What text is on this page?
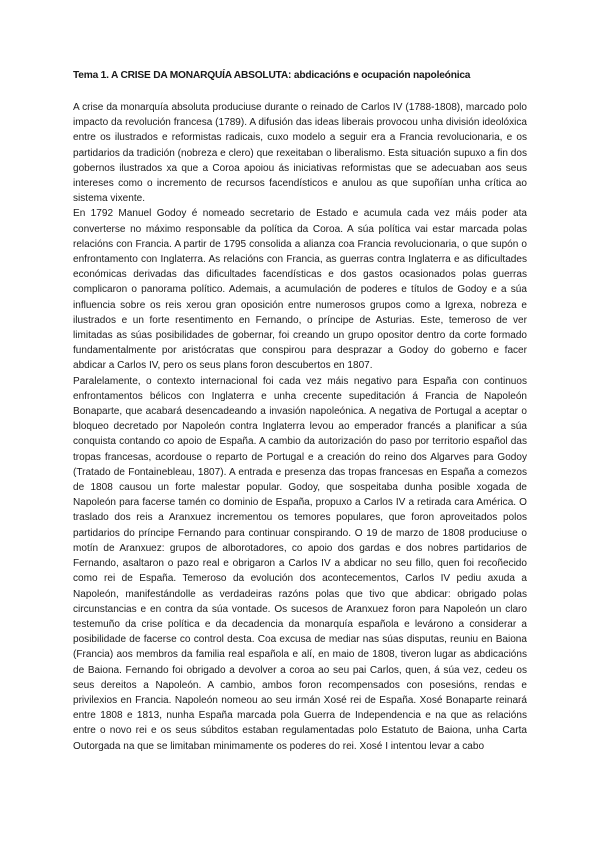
Tema 1. A CRISE DA MONARQUÍA ABSOLUTA: abdicacións e ocupación napoleónica

A crise da monarquía absoluta produciuse durante o reinado de Carlos IV (1788-1808), marcado polo impacto da revolución francesa (1789). A difusión das ideas liberais provocou unha división ideolóxica entre os ilustrados e reformistas radicais, cuxo modelo a seguir era a Francia revolucionaria, e os partidarios da tradición (nobreza e clero) que rexeitaban o liberalismo. Esta situación supuxo a fin dos gobernos ilustrados xa que a Coroa apoiou ás iniciativas reformistas que se adecuaban aos seus intereses como o incremento de recursos facendísticos e anulou as que supoñían unha crítica ao sistema vixente.

En 1792 Manuel Godoy é nomeado secretario de Estado e acumula cada vez máis poder ata converterse no máximo responsable da política da Coroa. A súa política vai estar marcada polas relacións con Francia. A partir de 1795 consolida a alianza coa Francia revolucionaria, o que supón o enfrontamento con Inglaterra. As relacións con Francia, as guerras contra Inglaterra e as dificultades económicas derivadas das dificultades facendísticas e dos gastos ocasionados polas guerras complicaron o panorama político. Ademais, a acumulación de poderes e títulos de Godoy e a súa influencia sobre os reis xerou gran oposición entre numerosos grupos como a Igrexa, nobreza e ilustrados e un forte resentimento en Fernando, o príncipe de Asturias. Este, temeroso de ver limitadas as súas posibilidades de gobernar, foi creando un grupo opositor dentro da corte formado fundamentalmente por aristócratas que conspirou para desprazar a Godoy do goberno e facer abdicar a Carlos IV, pero os seus plans foron descubertos en 1807.

Paralelamente, o contexto internacional foi cada vez máis negativo para España con continuos enfrontamentos bélicos con Inglaterra e unha crecente supeditación á Francia de Napoleón Bonaparte, que acabará desencadeando a invasión napoleónica. A negativa de Portugal a aceptar o bloqueo decretado por Napoleón contra Inglaterra levou ao emperador francés a planificar a súa conquista contando co apoio de España. A cambio da autorización do paso por territorio español das tropas francesas, acordouse o reparto de Portugal e a creación do reino dos Algarves para Godoy (Tratado de Fontainebleau, 1807). A entrada e presenza das tropas francesas en España a comezos de 1808 causou un forte malestar popular. Godoy, que sospeitaba dunha posible xogada de Napoleón para facerse tamén co dominio de España, propuxo a Carlos IV a retirada cara América. O traslado dos reis a Aranxuez incrementou os temores populares, que foron aproveitados polos partidarios do príncipe Fernando para continuar conspirando. O 19 de marzo de 1808 produciuse o motín de Aranxuez: grupos de alborotadores, co apoio dos gardas e dos nobres partidarios de Fernando, asaltaron o pazo real e obrigaron a Carlos IV a abdicar no seu fillo, quen foi recoñecido como rei de España. Temeroso da evolución dos acontecementos, Carlos IV pediu axuda a Napoleón, manifestándolle as verdadeiras razóns polas que tivo que abdicar: obrigado polas circunstancias e en contra da súa vontade. Os sucesos de Aranxuez foron para Napoleón un claro testemuño da crise política e da decadencia da monarquía española e levárono a considerar a posibilidade de facerse co control desta. Coa excusa de mediar nas súas disputas, reuniu en Baiona (Francia) aos membros da familia real española e alí, en maio de 1808, tiveron lugar as abdicacións de Baiona. Fernando foi obrigado a devolver a coroa ao seu pai Carlos, quen, á súa vez, cedeu os seus dereitos a Napoleón. A cambio, ambos foron recompensados con posesións, rendas e privilexios en Francia. Napoleón nomeou ao seu irmán Xosé rei de España. Xosé Bonaparte reinará entre 1808 e 1813, nunha España marcada pola Guerra de Independencia e na que as relacións entre o novo rei e os seus súbditos estaban regulamentadas polo Estatuto de Baiona, unha Carta Outorgada na que se limitaban minimamente os poderes do rei. Xosé I intentou levar a cabo
